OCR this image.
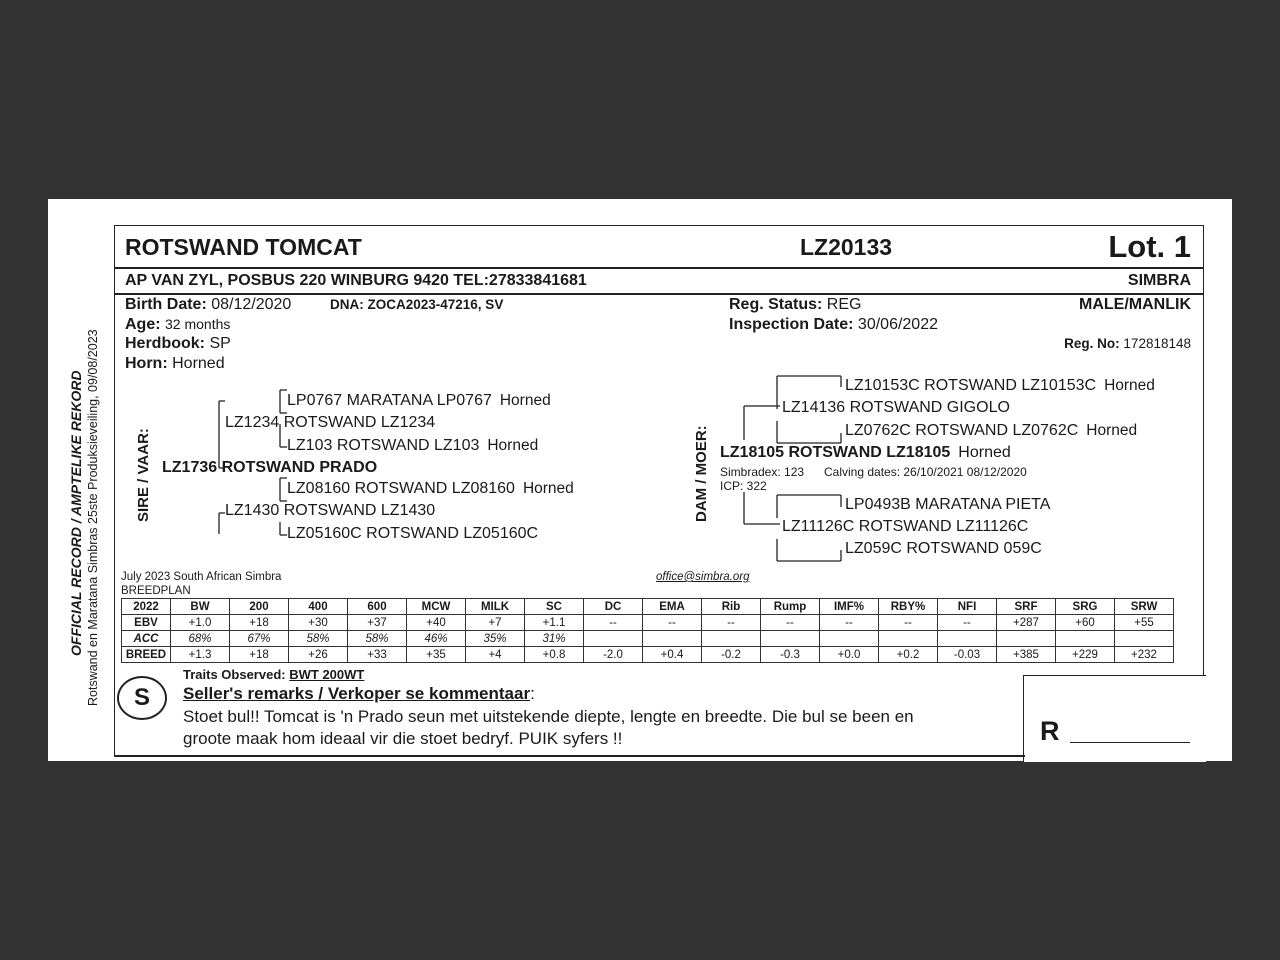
OFFICIAL RECORD / AMPTELIKE REKORD Rotswand en Maratana Simbras 25ste Produksieveiling, 09/08/2023
ROTSWAND TOMCAT	LZ20133	Lot. 1
AP VAN ZYL, POSBUS 220 WINBURG 9420 TEL:27833841681	SIMBRA
Birth Date: 08/12/2020	DNA: ZOCA2023-47216, SV
Age: 32 months
Herdbook: SP
Horn: Horned
Reg. Status: REG
Inspection Date: 30/06/2022
MALE/MANLIK
Reg. No: 172818148
SIRE / VAAR: LZ1736 ROTSWAND PRADO
LZ1234 ROTSWAND LZ1234
LP0767 MARATANA LP0767 Horned
LZ103 ROTSWAND LZ103 Horned
LZ1430 ROTSWAND LZ1430
LZ08160 ROTSWAND LZ08160 Horned
LZ05160C ROTSWAND LZ05160C
DAM / MOER: LZ18105 ROTSWAND LZ18105 Horned
Simbradex: 123 Calving dates: 26/10/2021 08/12/2020
ICP: 322
LZ14136 ROTSWAND GIGOLO
LZ10153C ROTSWAND LZ10153C Horned
LZ0762C ROTSWAND LZ0762C Horned
LZ11126C ROTSWAND LZ11126C
LP0493B MARATANA PIETA
LZ059C ROTSWAND 059C
July 2023 South African Simbra
BREEDPLAN
office@simbra.org
2022	BW	200	400	600	MCW	MILK	SC	DC	EMA	Rib	Rump	IMF%	RBY%	NFI	SRF	SRG	SRW
EBV	+1.0	+18	+30	+37	+40	+7	+1.1	--	--	--	--	--	--	--	+287	+60	+55
ACC	68%	67%	58%	58%	46%	35%	31%										
BREED	+1.3	+18	+26	+33	+35	+4	+0.8	-2.0	+0.4	-0.2	-0.3	+0.0	+0.2	-0.03	+385	+229	+232
S
Traits Observed: BWT 200WT
Seller's remarks / Verkoper se kommentaar:
Stoet bul!! Tomcat is 'n Prado seun met uitstekende diepte, lengte en breedte. Die bul se been en
groote maak hom ideaal vir die stoet bedryf. PUIK syfers !!	R
